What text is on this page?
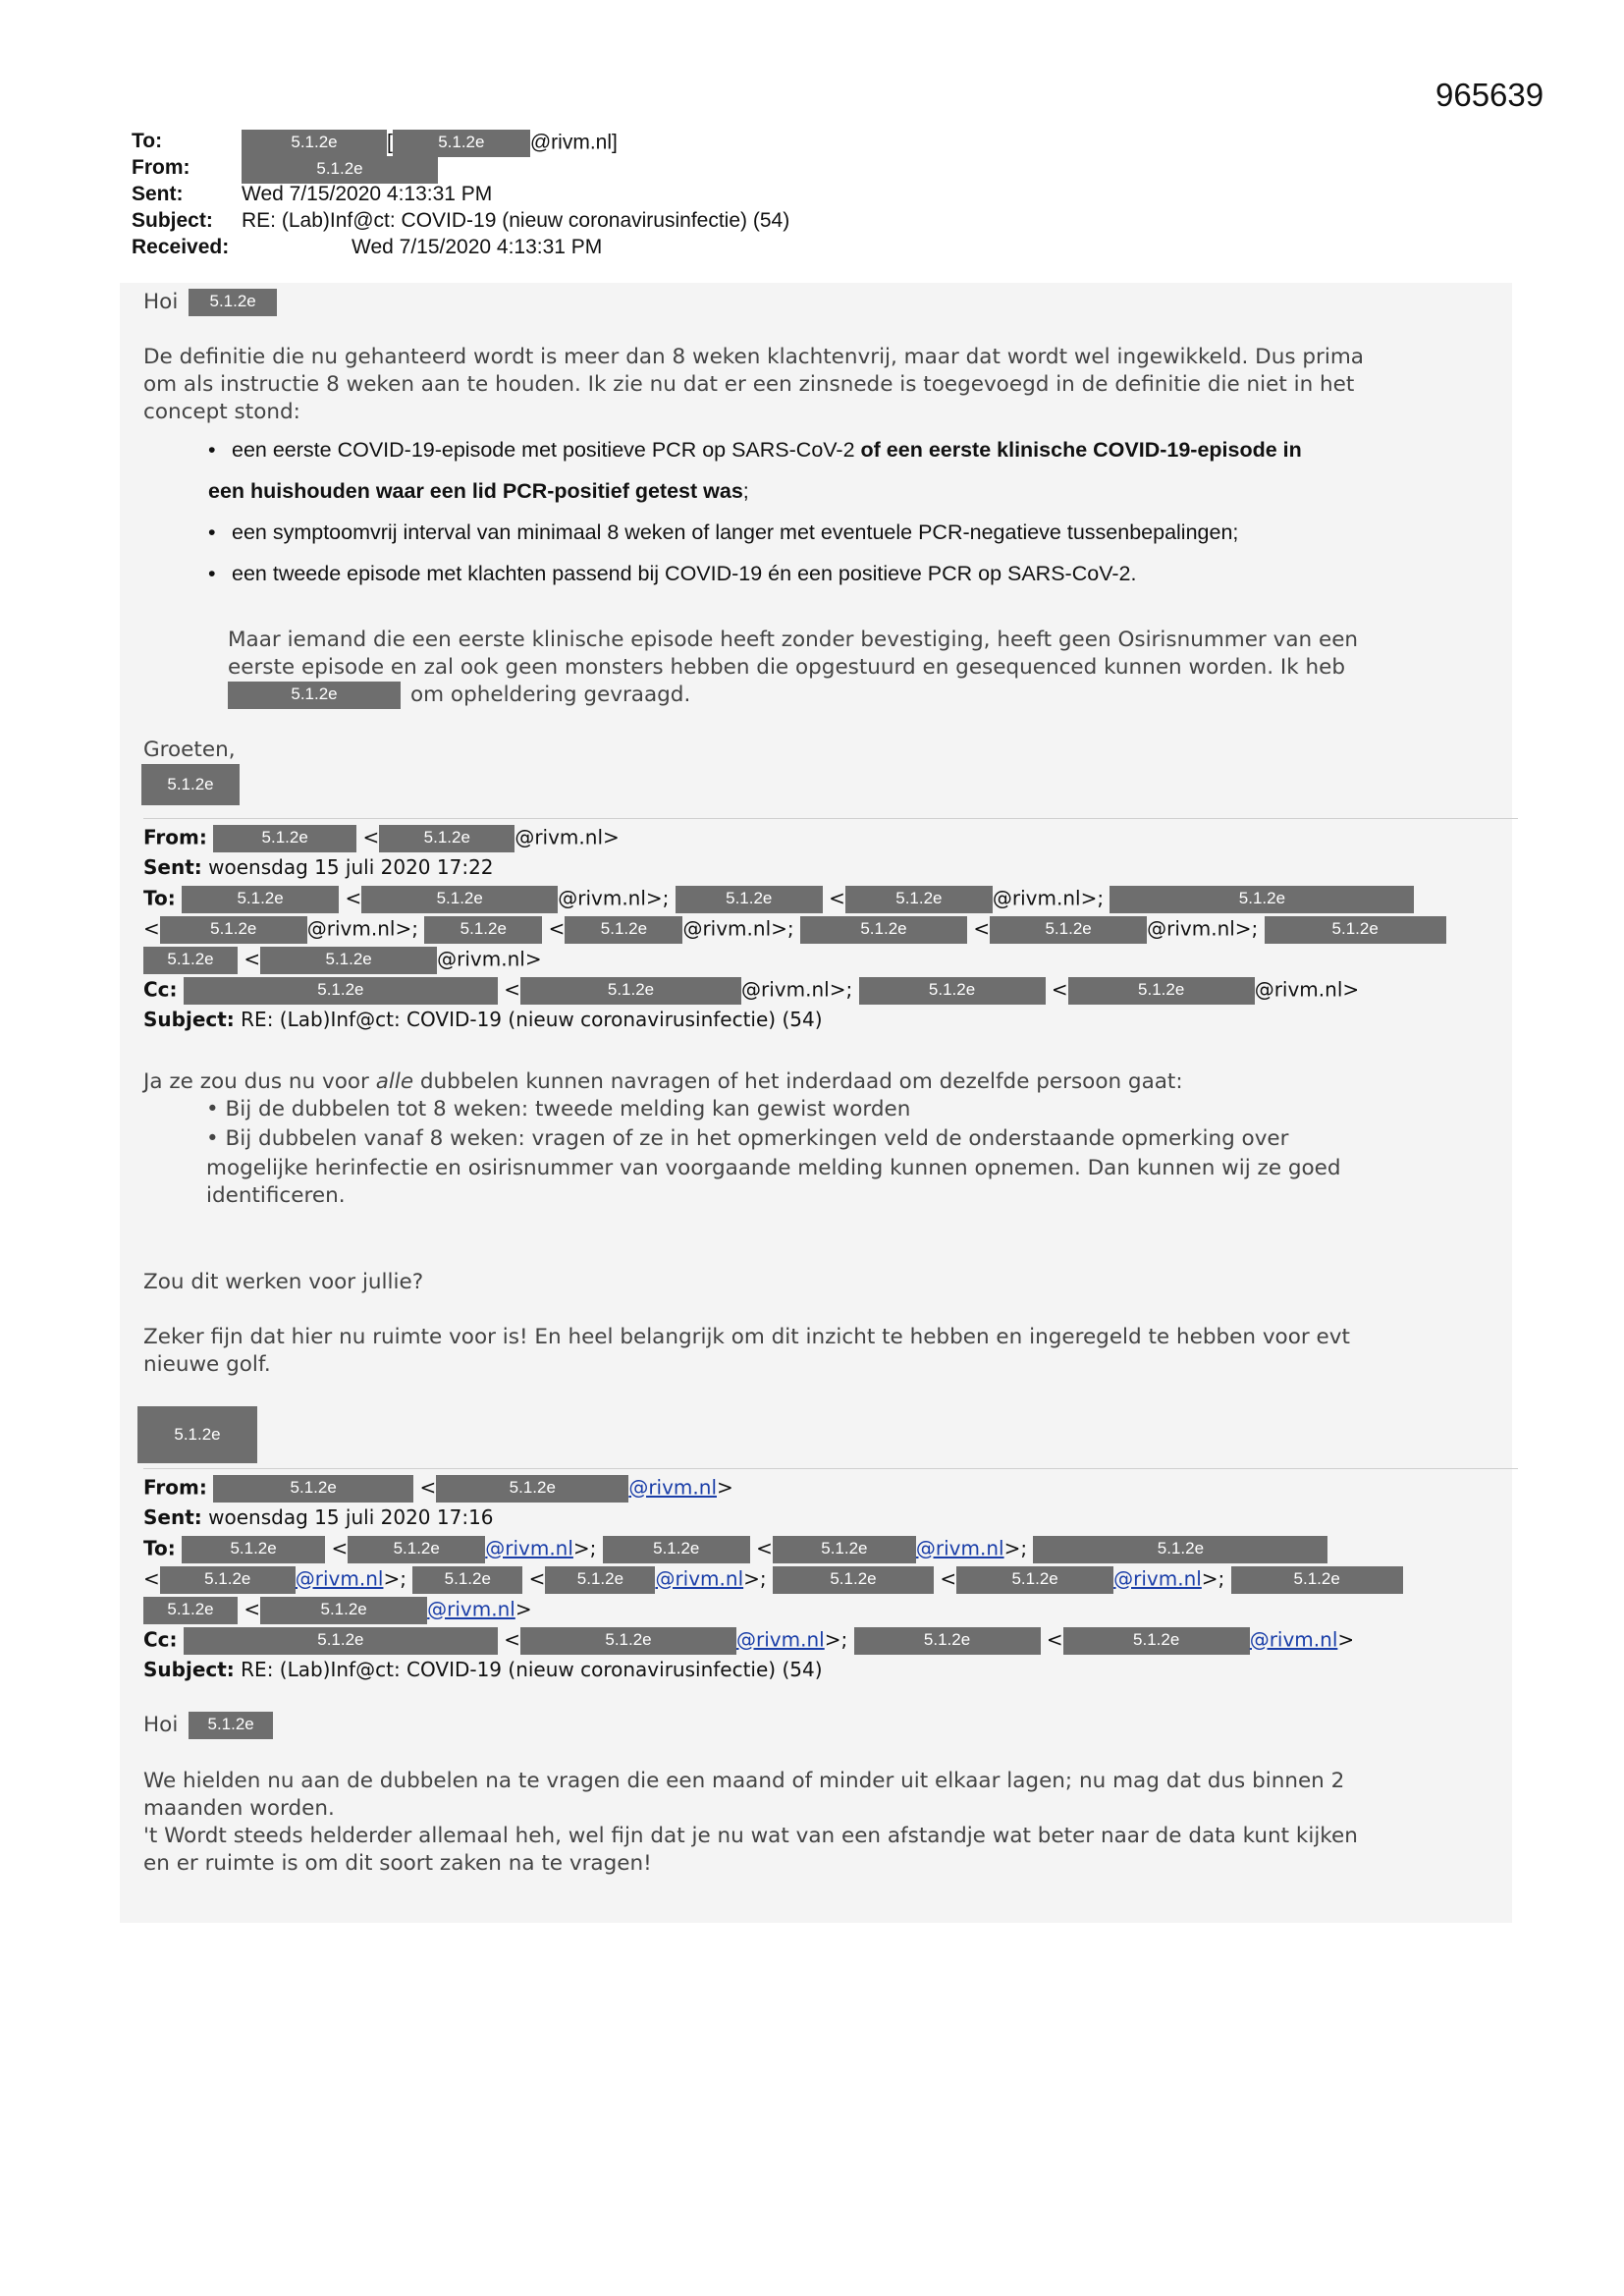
965639
To:	5.1.2e [	5.1.2e @rivm.nl]
From:	5.1.2e
Sent:	Wed 7/15/2020 4:13:31 PM
Subject: RE: (Lab)Inf@ct: COVID-19 (nieuw coronavirusinfectie) (54)
Received:	Wed 7/15/2020 4:13:31 PM
Hoi 5.1.2e
De definitie die nu gehanteerd wordt is meer dan 8 weken klachtenvrij, maar dat wordt wel ingewikkeld. Dus prima
om als instructie 8 weken aan te houden. Ik zie nu dat er een zinsnede is toegevoegd in de definitie die niet in het
concept stond:
• een eerste COVID-19-episode met positieve PCR op SARS-CoV-2 of een eerste klinische COVID-19-episode in
een huishouden waar een lid PCR-positief getest was;
• een symptoomvrij interval van minimaal 8 weken of langer met eventuele PCR-negatieve tussenbepalingen;
• een tweede episode met klachten passend bij COVID-19 én een positieve PCR op SARS-CoV-2.
Maar iemand die een eerste klinische episode heeft zonder bevestiging, heeft geen Osirisnummer van een
eerste episode en zal ook geen monsters hebben die opgestuurd en gesequenced kunnen worden. Ik heb
5.1.2e	om opheldering gevraagd.
Groeten,
5.1.2e
From:	5.1.2e	<	5.1.2e @rivm.nl>
Sent: woensdag 15 juli 2020 17:22
To:	5.1.2e	<	5.1.2e	@rivm.nl>;	5.1.2e	<	5.1.2e	@rivm.nl>;	5.1.2e
<	5.1.2e	@rivm.nl>;	5.1.2e < 5.1.2e @rivm.nl>;	5.1.2e	<	5.1.2e	@rivm.nl>;	5.1.2e
5.1.2e <	5.1.2e	@rivm.nl>
Cc:	5.1.2e	<	5.1.2e	@rivm.nl>;	5.1.2e	<	5.1.2e	@rivm.nl>
Subject: RE: (Lab)Inf@ct: COVID-19 (nieuw coronavirusinfectie) (54)
Ja ze zou dus nu voor alle dubbelen kunnen navragen of het inderdaad om dezelfde persoon gaat:
• Bij de dubbelen tot 8 weken: tweede melding kan gewist worden
• Bij dubbelen vanaf 8 weken: vragen of ze in het opmerkingen veld de onderstaande opmerking over
mogelijke herinfectie en osirisnummer van voorgaande melding kunnen opnemen. Dan kunnen wij ze goed
identificeren.
Zou dit werken voor jullie?
Zeker fijn dat hier nu ruimte voor is! En heel belangrijk om dit inzicht te hebben en ingeregeld te hebben voor evt
nieuwe golf.
5.1.2e
From:	5.1.2e	<	5.1.2e	@rivm.nl>
Sent: woensdag 15 juli 2020 17:16
To:	5.1.2e	<	5.1.2e @rivm.nl>;	5.1.2e	<	5.1.2e @rivm.nl>;	5.1.2e
<	5.1.2e @rivm.nl>; 5.1.2e < 5.1.2e @rivm.nl>;	5.1.2e	<	5.1.2e	@rivm.nl>;	5.1.2e
5.1.2e <	5.1.2e	@rivm.nl>
Cc:	5.1.2e	<	5.1.2e	@rivm.nl>;	5.1.2e	<	5.1.2e	@rivm.nl>
Subject: RE: (Lab)Inf@ct: COVID-19 (nieuw coronavirusinfectie) (54)
Hoi 5.1.2e
We hielden nu aan de dubbelen na te vragen die een maand of minder uit elkaar lagen; nu mag dat dus binnen 2
maanden worden.
't Wordt steeds helderder allemaal heh, wel fijn dat je nu wat van een afstandje wat beter naar de data kunt kijken
en er ruimte is om dit soort zaken na te vragen!
